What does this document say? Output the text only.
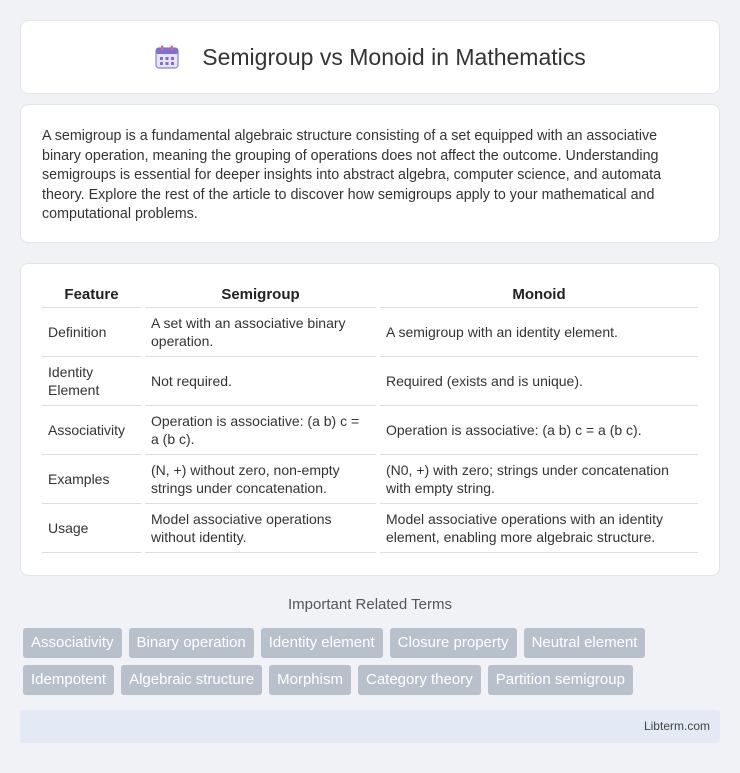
Semigroup vs Monoid in Mathematics

A semigroup is a fundamental algebraic structure consisting of a set equipped with an associative binary operation, meaning the grouping of operations does not affect the outcome. Understanding semigroups is essential for deeper insights into abstract algebra, computer science, and automata theory. Explore the rest of the article to discover how semigroups apply to your mathematical and computational problems.

Feature	Semigroup	Monoid
Definition	A set with an associative binary operation.	A semigroup with an identity element.
Identity Element	Not required.	Required (exists and is unique).
Associativity	Operation is associative: (a b) c = a (b c).	Operation is associative: (a b) c = a (b c).
Examples	(N, +) without zero, non-empty strings under concatenation.	(N0, +) with zero; strings under concatenation with empty string.
Usage	Model associative operations without identity.	Model associative operations with an identity element, enabling more algebraic structure.
Important Related Terms
Associativity	Binary operation	Identity element	Closure property	Neutral element
Idempotent	Algebraic structure	Morphism	Category theory	Partition semigroup
Libterm.com
